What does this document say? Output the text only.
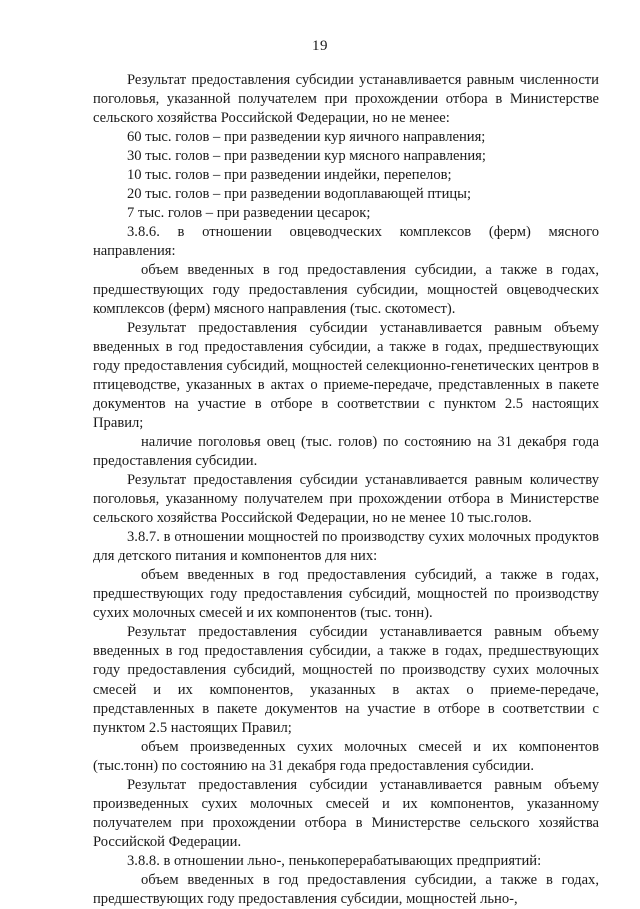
19

Результат предоставления субсидии устанавливается равным численности поголовья, указанной получателем при прохождении отбора в Министерстве сельского хозяйства Российской Федерации, но не менее:

60 тыс. голов – при разведении кур яичного направления;

30 тыс. голов – при разведении кур мясного направления;

10 тыс. голов – при разведении индейки, перепелов;

20 тыс. голов – при разведении водоплавающей птицы;

7 тыс. голов – при разведении цесарок;

3.8.6. в отношении овцеводческих комплексов (ферм) мясного направления:

объем введенных в год предоставления субсидии, а также в годах, предшествующих году предоставления субсидии, мощностей овцеводческих комплексов (ферм) мясного направления (тыс. скотомест).

Результат предоставления субсидии устанавливается равным объему введенных в год предоставления субсидии, а также в годах, предшествующих году предоставления субсидий, мощностей селекционно-генетических центров в птицеводстве, указанных в актах о приеме-передаче, представленных в пакете документов на участие в отборе в соответствии с пунктом 2.5 настоящих Правил;

наличие поголовья овец (тыс. голов) по состоянию на 31 декабря года предоставления субсидии.

Результат предоставления субсидии устанавливается равным количеству поголовья, указанному получателем при прохождении отбора в Министерстве сельского хозяйства Российской Федерации, но не менее 10 тыс.голов.

3.8.7. в отношении мощностей по производству сухих молочных продуктов для детского питания и компонентов для них:

объем введенных в год предоставления субсидий, а также в годах, предшествующих году предоставления субсидий, мощностей по производству сухих молочных смесей и их компонентов (тыс. тонн).

Результат предоставления субсидии устанавливается равным объему введенных в год предоставления субсидии, а также в годах, предшествующих году предоставления субсидий, мощностей по производству сухих молочных смесей и их компонентов, указанных в актах о приеме-передаче, представленных в пакете документов на участие в отборе в соответствии с пунктом 2.5 настоящих Правил;

объем произведенных сухих молочных смесей и их компонентов (тыс.тонн) по состоянию на 31 декабря года предоставления субсидии.

Результат предоставления субсидии устанавливается равным объему произведенных сухих молочных смесей и их компонентов, указанному получателем при прохождении отбора в Министерстве сельского хозяйства Российской Федерации.

3.8.8. в отношении льно-, пенькоперерабатывающих предприятий:

объем введенных в год предоставления субсидии, а также в годах, предшествующих году предоставления субсидии, мощностей льно-,
